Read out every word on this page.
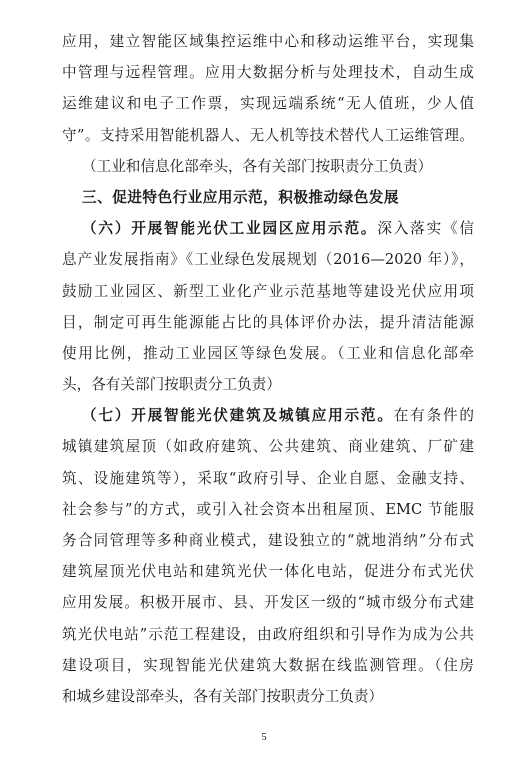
应用，建立智能区域集控运维中心和移动运维平台，实现集
中管理与远程管理。应用大数据分析与处理技术，自动生成
运维建议和电子工作票，实现远端系统“无人值班，少人值
守”。支持采用智能机器人、无人机等技术替代人工运维管理。
（工业和信息化部牵头，各有关部门按职责分工负责）
三、促进特色行业应用示范，积极推动绿色发展
（六）开展智能光伏工业园区应用示范。深入落实《信
息产业发展指南》《工业绿色发展规划（2016—2020 年）》，
鼓励工业园区、新型工业化产业示范基地等建设光伏应用项
目，制定可再生能源能占比的具体评价办法，提升清洁能源
使用比例，推动工业园区等绿色发展。（工业和信息化部牵
头，各有关部门按职责分工负责）
（七）开展智能光伏建筑及城镇应用示范。在有条件的
城镇建筑屋顶（如政府建筑、公共建筑、商业建筑、厂矿建
筑、设施建筑等），采取“政府引导、企业自愿、金融支持、
社会参与”的方式，或引入社会资本出租屋顶、EMC 节能服
务合同管理等多种商业模式，建设独立的“就地消纳”分布式
建筑屋顶光伏电站和建筑光伏一体化电站，促进分布式光伏
应用发展。积极开展市、县、开发区一级的“城市级分布式建
筑光伏电站”示范工程建设，由政府组织和引导作为成为公共
建设项目，实现智能光伏建筑大数据在线监测管理。（住房
和城乡建设部牵头，各有关部门按职责分工负责）
5
